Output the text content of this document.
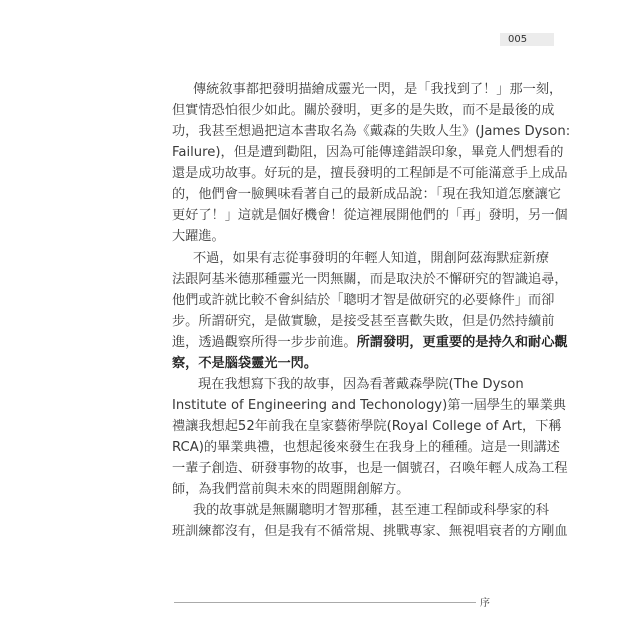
005
傳統敘事都把發明描繪成靈光一閃，是「我找到了！」那一刻，
但實情恐怕很少如此。關於發明，更多的是失敗，而不是最後的成
功，我甚至想過把這本書取名為《戴森的失敗人生》(James Dyson:
Failure)，但是遭到勸阻，因為可能傳達錯誤印象，畢竟人們想看的
還是成功故事。好玩的是，擅長發明的工程師是不可能滿意手上成品
的，他們會一臉興味看著自己的最新成品說：「現在我知道怎麼讓它
更好了！」這就是個好機會！從這裡展開他們的「再」發明，另一個
大躍進。
不過，如果有志從事發明的年輕人知道，開創阿茲海默症新療
法跟阿基米德那種靈光一閃無關，而是取決於不懈研究的智識追尋，
他們或許就比較不會糾結於「聰明才智是做研究的必要條件」而卻
步。所謂研究，是做實驗，是接受甚至喜歡失敗，但是仍然持續前
進，透過觀察所得一步步前進。所謂發明，更重要的是持久和耐心觀
察，不是腦袋靈光一閃。
現在我想寫下我的故事，因為看著戴森學院(The Dyson
Institute of Engineering and Techonology)第一屆學生的畢業典
禮讓我想起52年前我在皇家藝術學院(Royal College of Art，下稱
RCA)的畢業典禮，也想起後來發生在我身上的種種。這是一則講述
一輩子創造、研發事物的故事，也是一個號召，召喚年輕人成為工程
師，為我們當前與未來的問題開創解方。
我的故事就是無關聰明才智那種，甚至連工程師或科學家的科
班訓練都沒有，但是我有不循常規、挑戰專家、無視唱衰者的方剛血
序
